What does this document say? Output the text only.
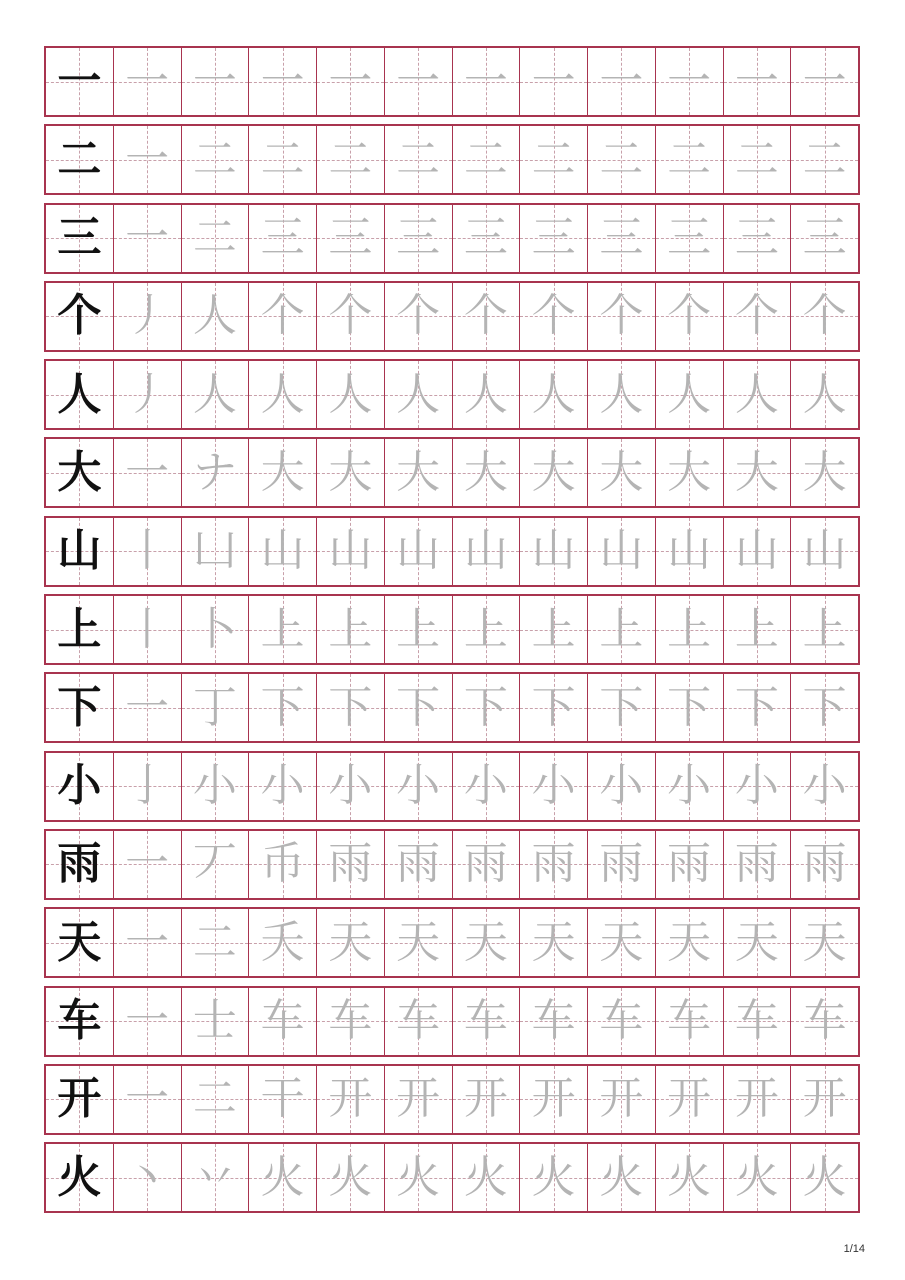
一 一 一 一 一 一 一 一 一 一 一 一
二 一 二 二 二 二 二 二 二 二 二 二
三 一 二 三 三 三 三 三 三 三 三 三
个 丿 人 个 个 个 个 个 个 个 个 个
人 丿 人 人 人 人 人 人 人 人 人 人
大 一 ナ 大 大 大 大 大 大 大 大 大
山 丨 凵 山 山 山 山 山 山 山 山 山
上 丨 卜 上 上 上 上 上 上 上 上 上
下 一 丁 下 下 下 下 下 下 下 下 下
小 亅 小 小 小 小 小 小 小 小 小 小
雨 一 丆 币 雨 雨 雨 雨 雨 雨 雨 雨
天 一 二 夭 天 天 天 天 天 天 天 天
车 一 士 车 车 车 车 车 车 车 车 车
开 一 二 干 开 开 开 开 开 开 开 开
火 丶 丷 火 火 火 火 火 火 火 火 火
1/14
